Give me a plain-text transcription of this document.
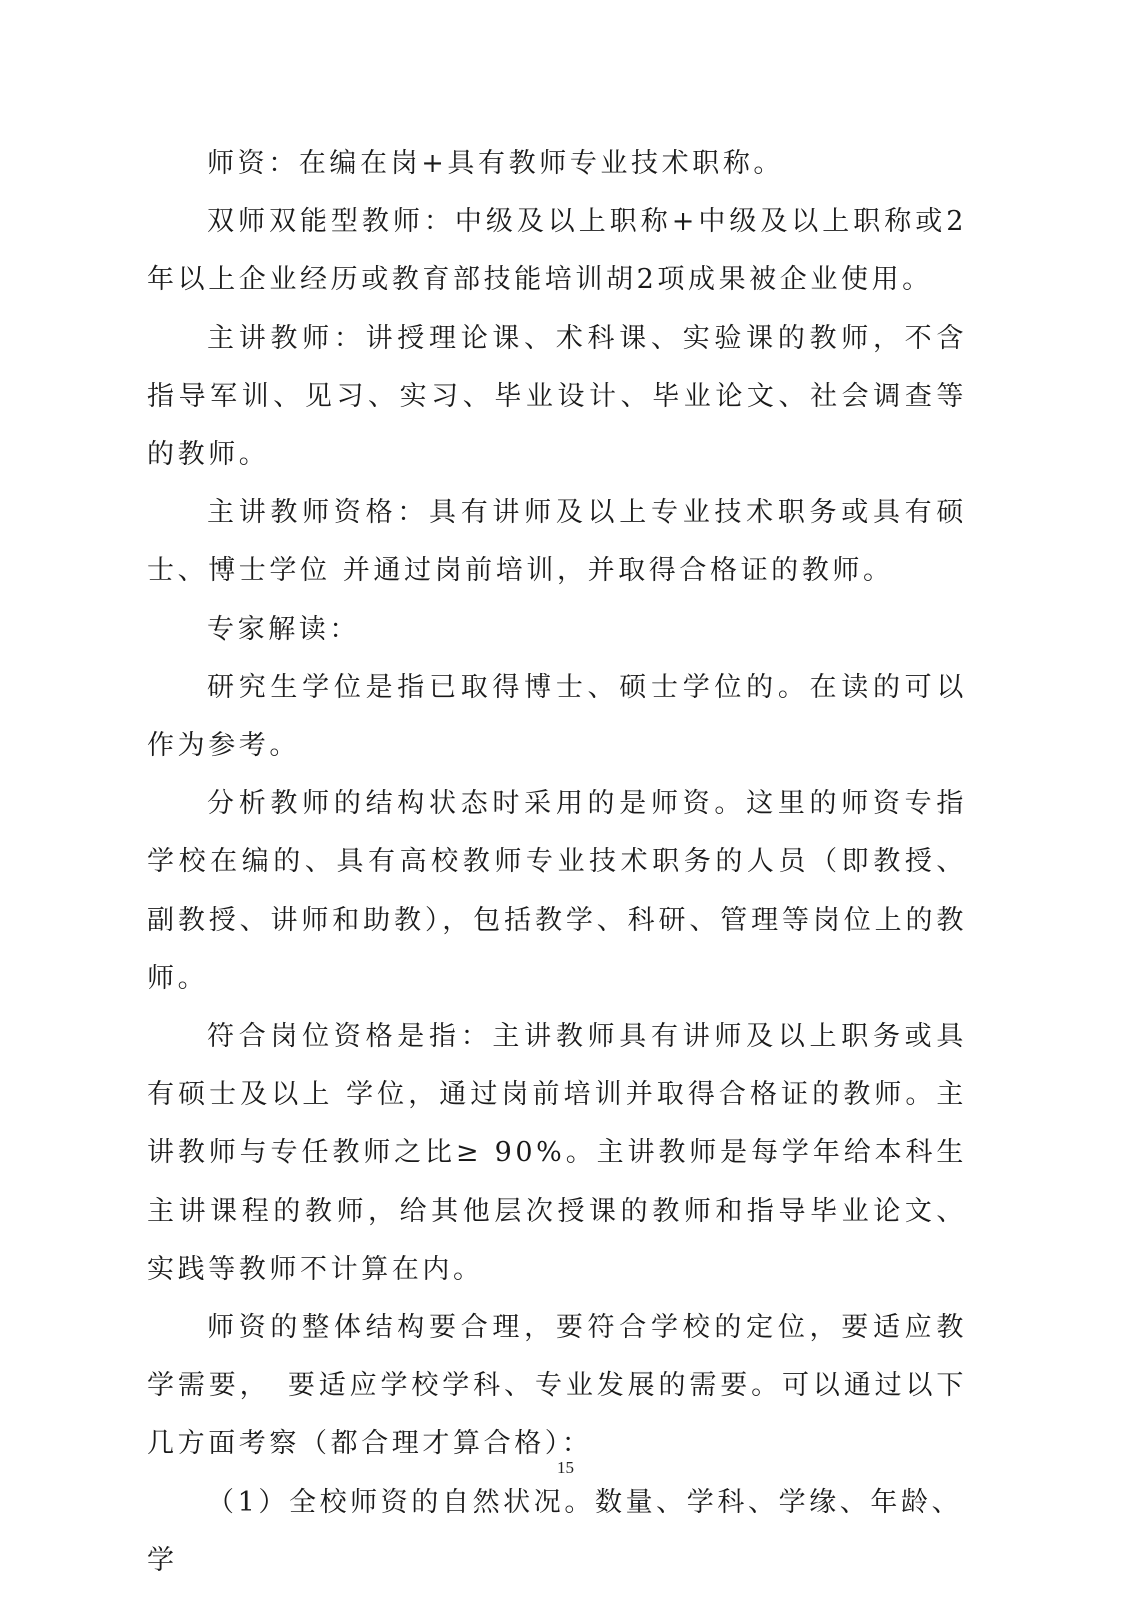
师资：在编在岗+具有教师专业技术职称。

双师双能型教师：中级及以上职称+中级及以上职称或2年以上企业经历或教育部技能培训胡2项成果被企业使用。

主讲教师：讲授理论课、术科课、实验课的教师，不含指导军训、见习、实习、毕业设计、毕业论文、社会调查等的教师。

主讲教师资格：具有讲师及以上专业技术职务或具有硕士、博士学位 并通过岗前培训，并取得合格证的教师。

专家解读：

研究生学位是指已取得博士、硕士学位的。在读的可以作为参考。

分析教师的结构状态时采用的是师资。这里的师资专指学校在编的、具有高校教师专业技术职务的人员（即教授、副教授、讲师和助教），包括教学、科研、管理等岗位上的教师。

符合岗位资格是指：主讲教师具有讲师及以上职务或具有硕士及以上 学位，通过岗前培训并取得合格证的教师。主讲教师与专任教师之比≥ 90%。主讲教师是每学年给本科生主讲课程的教师，给其他层次授课的教师和指导毕业论文、实践等教师不计算在内。

师资的整体结构要合理，要符合学校的定位，要适应教学需要，　要适应学校学科、专业发展的需要。可以通过以下几方面考察（都合理才算合格）：

（1）全校师资的自然状况。数量、学科、学缘、年龄、学

15
